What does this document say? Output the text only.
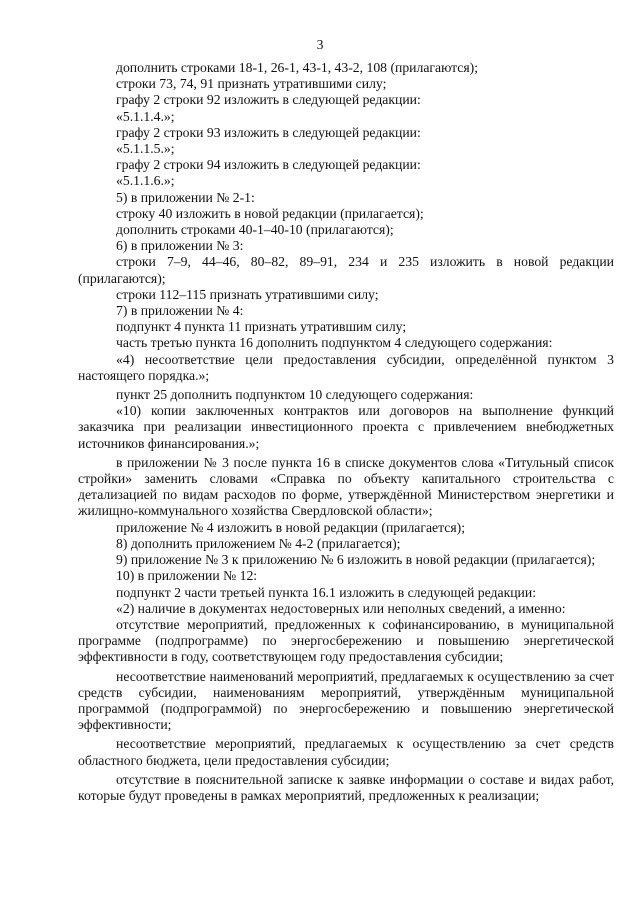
3

дополнить строками 18-1, 26-1, 43-1, 43-2, 108 (прилагаются);

строки 73, 74, 91 признать утратившими силу;

графу 2 строки 92 изложить в следующей редакции:

«5.1.1.4.»;

графу 2 строки 93 изложить в следующей редакции:

«5.1.1.5.»;

графу 2 строки 94 изложить в следующей редакции:

«5.1.1.6.»;

5) в приложении № 2-1:

строку 40 изложить в новой редакции (прилагается);

дополнить строками 40-1–40-10 (прилагаются);

6) в приложении № 3:

строки 7–9, 44–46, 80–82, 89–91, 234 и 235 изложить в новой редакции (прилагаются);

строки 112–115 признать утратившими силу;

7) в приложении № 4:

подпункт 4 пункта 11 признать утратившим силу;

часть третью пункта 16 дополнить подпунктом 4 следующего содержания:

«4) несоответствие цели предоставления субсидии, определённой пунктом 3 настоящего порядка.»;

пункт 25 дополнить подпунктом 10 следующего содержания:

«10) копии заключенных контрактов или договоров на выполнение функций заказчика при реализации инвестиционного проекта с привлечением внебюджетных источников финансирования.»;

в приложении № 3 после пункта 16 в списке документов слова «Титульный список стройки» заменить словами «Справка по объекту капитального строительства с детализацией по видам расходов по форме, утверждённой Министерством энергетики и жилищно-коммунального хозяйства Свердловской области»;

приложение № 4 изложить в новой редакции (прилагается);

8) дополнить приложением № 4-2 (прилагается);

9) приложение № 3 к приложению № 6 изложить в новой редакции (прилагается);

10) в приложении № 12:

подпункт 2 части третьей пункта 16.1 изложить в следующей редакции:

«2) наличие в документах недостоверных или неполных сведений, а именно:

отсутствие мероприятий, предложенных к софинансированию, в муниципальной программе (подпрограмме) по энергосбережению и повышению энергетической эффективности в году, соответствующем году предоставления субсидии;

несоответствие наименований мероприятий, предлагаемых к осуществлению за счет средств субсидии, наименованиям мероприятий, утверждённым муниципальной программой (подпрограммой) по энергосбережению и повышению энергетической эффективности;

несоответствие мероприятий, предлагаемых к осуществлению за счет средств областного бюджета, цели предоставления субсидии;

отсутствие в пояснительной записке к заявке информации о составе и видах работ, которые будут проведены в рамках мероприятий, предложенных к реализации;
